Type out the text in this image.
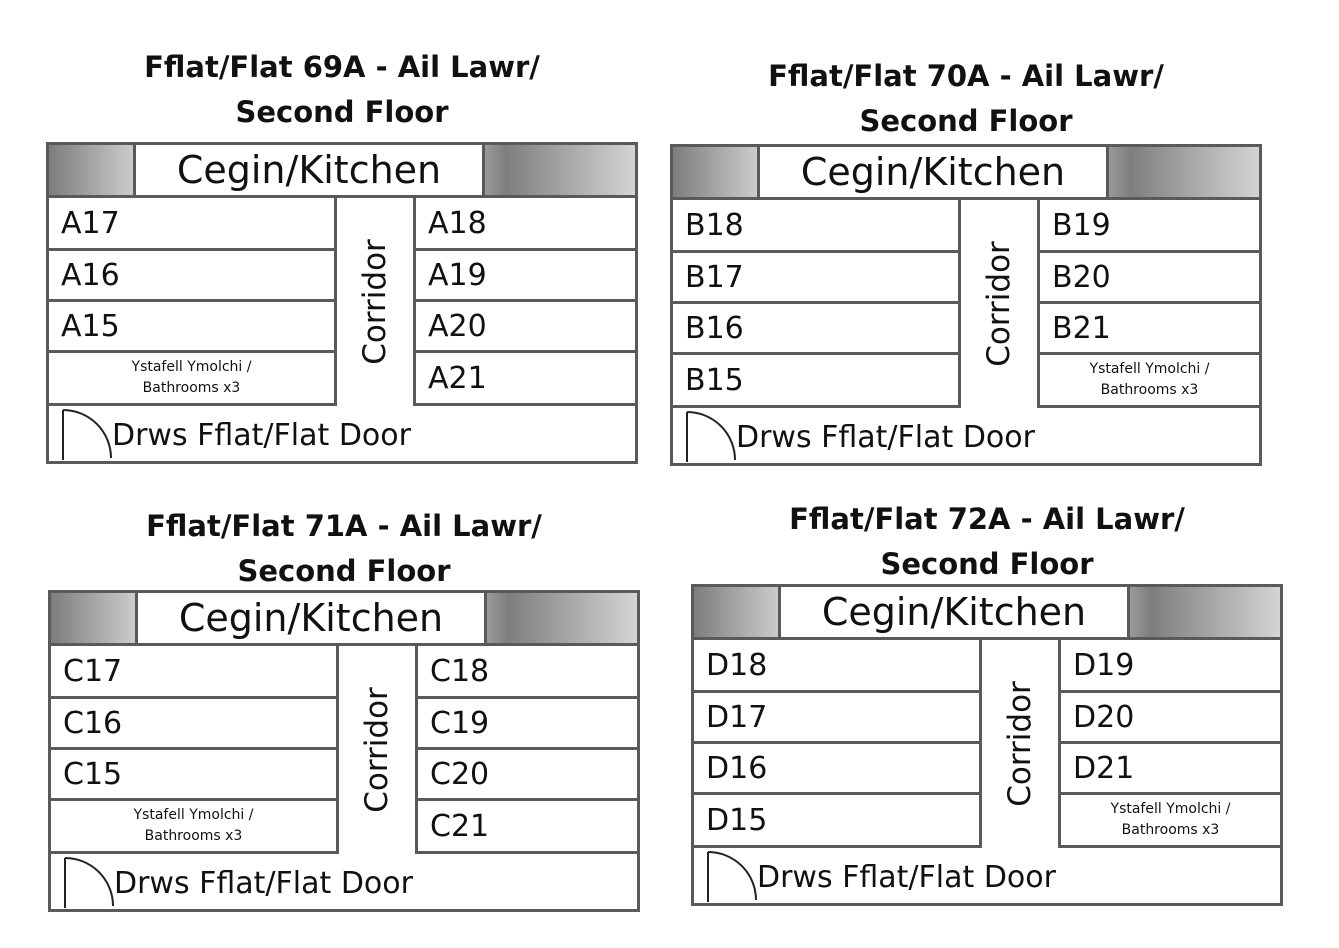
Fflat/Flat 69A - Ail Lawr/
Second Floor
Cegin/Kitchen
A17
A16
A15
Ystafell Ymolchi /
Bathrooms x3
Corridor
A18
A19
A20
A21
Drws Fflat/Flat Door
Fflat/Flat 70A - Ail Lawr/
Second Floor
Cegin/Kitchen
B18
B17
B16
B15
Corridor
B19
B20
B21
Ystafell Ymolchi /
Bathrooms x3
Drws Fflat/Flat Door
Fflat/Flat 71A - Ail Lawr/
Second Floor
Cegin/Kitchen
C17
C16
C15
Ystafell Ymolchi /
Bathrooms x3
Corridor
C18
C19
C20
C21
Drws Fflat/Flat Door
Fflat/Flat 72A - Ail Lawr/
Second Floor
Cegin/Kitchen
D18
D17
D16
D15
Corridor
D19
D20
D21
Ystafell Ymolchi /
Bathrooms x3
Drws Fflat/Flat Door
